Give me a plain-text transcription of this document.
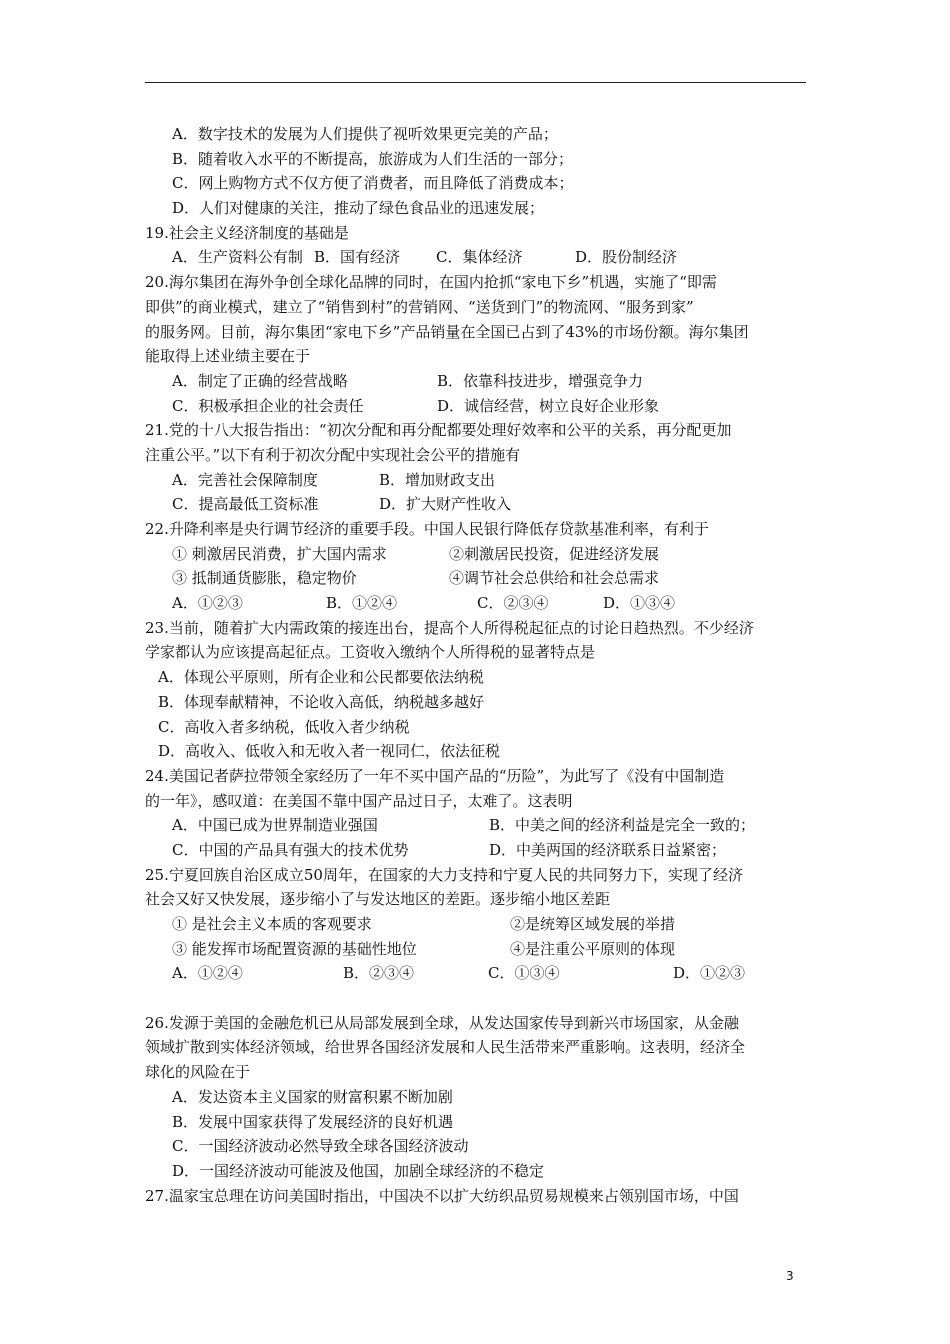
A．数字技术的发展为人们提供了视听效果更完美的产品；
B．随着收入水平的不断提高，旅游成为人们生活的一部分；
C．网上购物方式不仅方便了消费者，而且降低了消费成本；
D．人们对健康的关注，推动了绿色食品业的迅速发展；
19.社会主义经济制度的基础是
A．生产资料公有制 B．国有经济	C．集体经济	D．股份制经济
20.海尔集团在海外争创全球化品牌的同时，在国内抢抓“家电下乡”机遇，实施了“即需
即供”的商业模式，建立了“销售到村”的营销网、“送货到门”的物流网、“服务到家”
的服务网。目前，海尔集团“家电下乡”产品销量在全国已占到了43%的市场份额。海尔集团
能取得上述业绩主要在于
A．制定了正确的经营战略	B．依靠科技进步，增强竞争力
C．积极承担企业的社会责任	D．诚信经营，树立良好企业形象
21.党的十八大报告指出：“初次分配和再分配都要处理好效率和公平的关系，再分配更加
注重公平。”以下有利于初次分配中实现社会公平的措施有
A．完善社会保障制度	B．增加财政支出
C．提高最低工资标准	D．扩大财产性收入
22.升降利率是央行调节经济的重要手段。中国人民银行降低存贷款基准利率，有利于
① 刺激居民消费，扩大国内需求	②刺激居民投资，促进经济发展
③ 抵制通货膨胀，稳定物价	④调节社会总供给和社会总需求
A．①②③	B．①②④	C．②③④	D．①③④
23.当前，随着扩大内需政策的接连出台，提高个人所得税起征点的讨论日趋热烈。不少经济
学家都认为应该提高起征点。工资收入缴纳个人所得税的显著特点是
A．体现公平原则，所有企业和公民都要依法纳税
B．体现奉献精神，不论收入高低，纳税越多越好
C．高收入者多纳税，低收入者少纳税
D．高收入、低收入和无收入者一视同仁，依法征税
24.美国记者萨拉带领全家经历了一年不买中国产品的“历险”，为此写了《没有中国制造
的一年》，感叹道：在美国不靠中国产品过日子，太难了。这表明
A．中国已成为世界制造业强国	B．中美之间的经济利益是完全一致的；
C．中国的产品具有强大的技术优势	D．中美两国的经济联系日益紧密；
25.宁夏回族自治区成立50周年，在国家的大力支持和宁夏人民的共同努力下，实现了经济
社会又好又快发展，逐步缩小了与发达地区的差距。逐步缩小地区差距
① 是社会主义本质的客观要求	②是统筹区域发展的举措
③ 能发挥市场配置资源的基础性地位	④是注重公平原则的体现
A．①②④	B．②③④	C．①③④	D．①②③
26.发源于美国的金融危机已从局部发展到全球，从发达国家传导到新兴市场国家，从金融
领域扩散到实体经济领域，给世界各国经济发展和人民生活带来严重影响。这表明，经济全
球化的风险在于
A．发达资本主义国家的财富积累不断加剧
B．发展中国家获得了发展经济的良好机遇
C．一国经济波动必然导致全球各国经济波动
D．一国经济波动可能波及他国，加剧全球经济的不稳定
27.温家宝总理在访问美国时指出，中国决不以扩大纺织品贸易规模来占领别国市场，中国
3
